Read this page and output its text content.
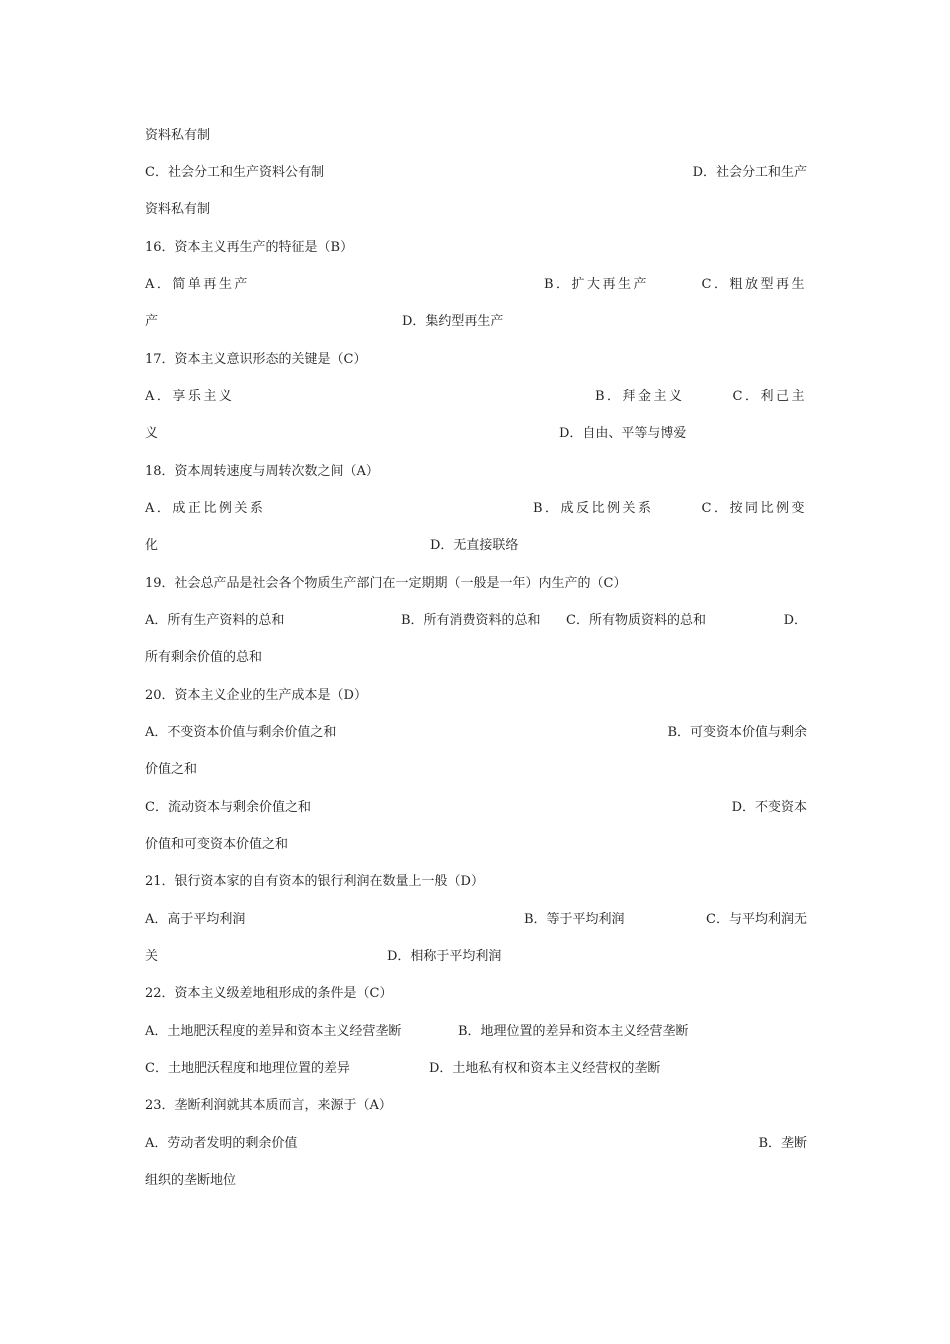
资料私有制
C．社会分工和生产资料公有制	D．社会分工和生产
资料私有制
16．资本主义再生产的特征是（B）
A．简单再生产	B．扩大再生产	C．粗放型再生
产	D．集约型再生产
17．资本主义意识形态的关键是（C）
A．享乐主义	B．拜金主义	C．利己主
义	D．自由、平等与博爱
18．资本周转速度与周转次数之间（A）
A．成正比例关系	B．成反比例关系	C．按同比例变
化	D．无直接联络
19．社会总产品是社会各个物质生产部门在一定期期（一般是一年）内生产的（C）
A．所有生产资料的总和	B．所有消费资料的总和 C．所有物质资料的总和	D．
所有剩余价值的总和
20．资本主义企业的生产成本是（D）
A．不变资本价值与剩余价值之和	B．可变资本价值与剩余
价值之和
C．流动资本与剩余价值之和	D．不变资本
价值和可变资本价值之和
21．银行资本家的自有资本的银行利润在数量上一般（D）
A．高于平均利润	B．等于平均利润	C．与平均利润无
关	D．相称于平均利润
22．资本主义级差地租形成的条件是（C）
A．土地肥沃程度的差异和资本主义经营垄断	B．地理位置的差异和资本主义经营垄断
C．土地肥沃程度和地理位置的差异	D．土地私有权和资本主义经营权的垄断
23．垄断利润就其本质而言，来源于（A）
A．劳动者发明的剩余价值	B．垄断
组织的垄断地位
